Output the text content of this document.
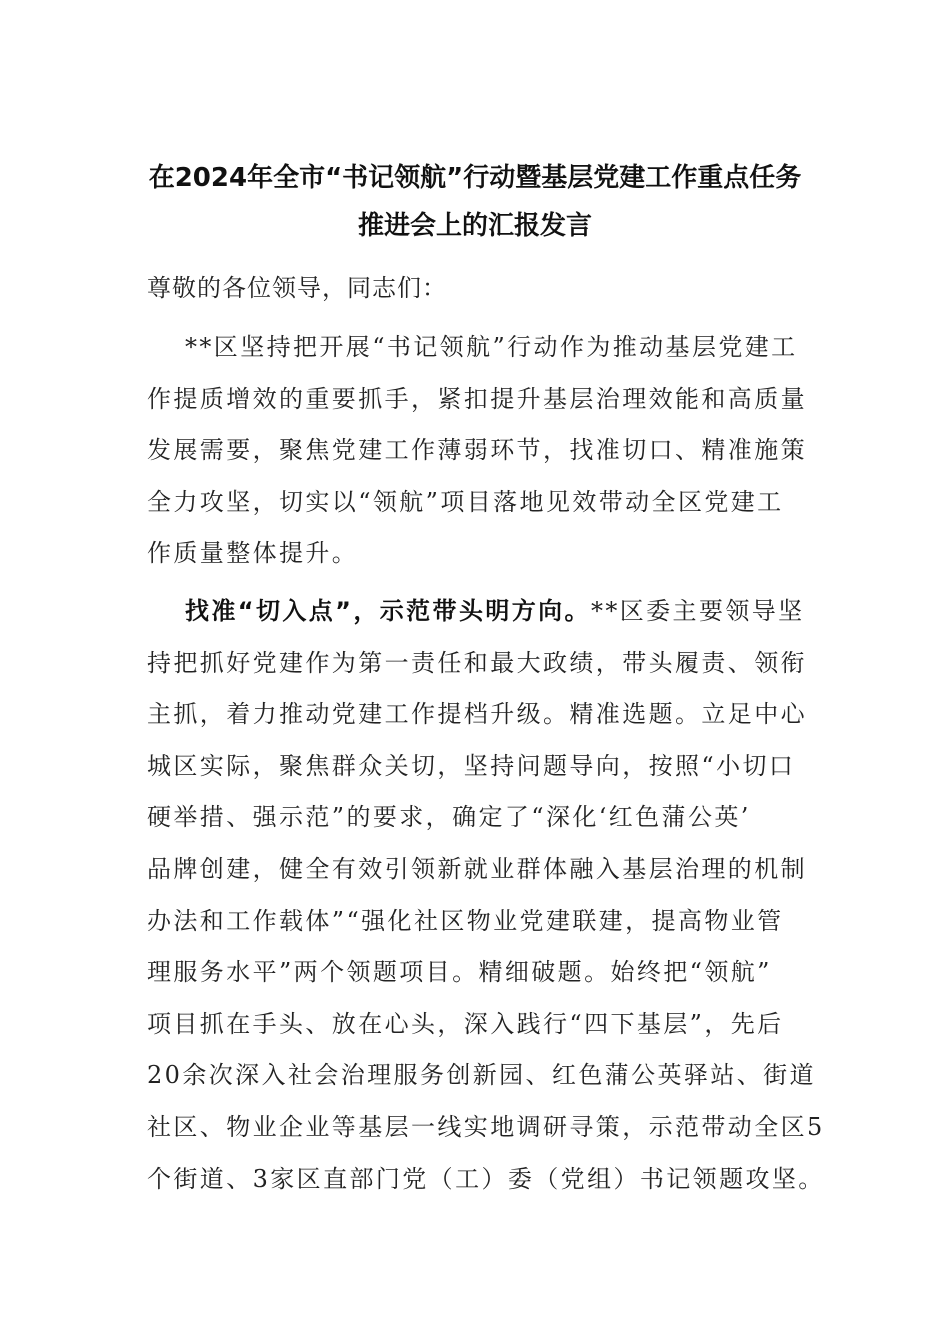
在2024年全市“书记领航”行动暨基层党建工作重点任务
推进会上的汇报发言
尊敬的各位领导，同志们：
**区坚持把开展“书记领航”行动作为推动基层党建工
作提质增效的重要抓手，紧扣提升基层治理效能和高质量
发展需要，聚焦党建工作薄弱环节，找准切口、精准施策
全力攻坚，切实以“领航”项目落地见效带动全区党建工
作质量整体提升。
找准“切入点”，示范带头明方向。**区委主要领导坚
持把抓好党建作为第一责任和最大政绩，带头履责、领衔
主抓，着力推动党建工作提档升级。精准选题。立足中心
城区实际，聚焦群众关切，坚持问题导向，按照“小切口
硬举措、强示范”的要求，确定了“深化‘红色蒲公英’
品牌创建，健全有效引领新就业群体融入基层治理的机制
办法和工作载体”“强化社区物业党建联建，提高物业管
理服务水平”两个领题项目。精细破题。始终把“领航”
项目抓在手头、放在心头，深入践行“四下基层”，先后
20余次深入社会治理服务创新园、红色蒲公英驿站、街道
社区、物业企业等基层一线实地调研寻策，示范带动全区5
个街道、3家区直部门党（工）委（党组）书记领题攻坚。
